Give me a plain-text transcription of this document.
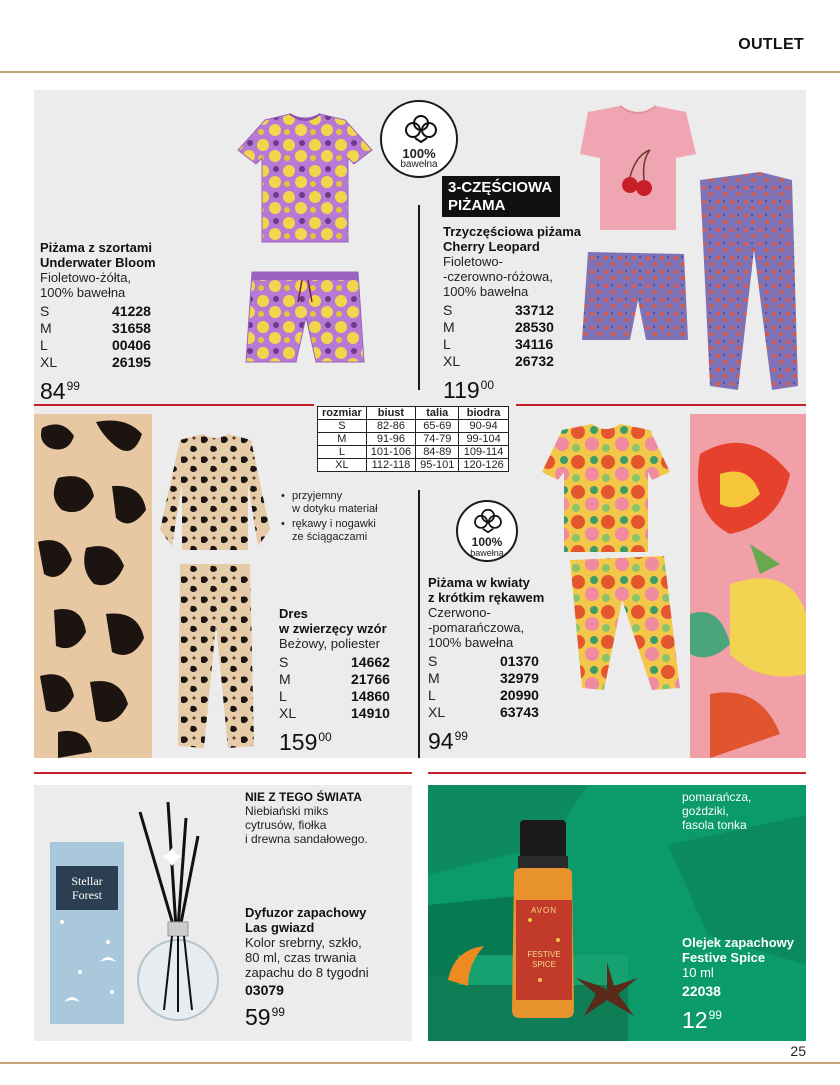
OUTLET
Piżama z szortami
Underwater Bloom
Fioletowo-żółta,
100% bawełna
S	41228
M	31658
L	00406
XL	26195
$84^{99}$
100%
bawełna
3-CZĘŚCIOWA
PIŻAMA
Trzyczęściowa piżama
Cherry Leopard
Fioletowo-
-czerowno-różowa,
100% bawełna
S	33712
M	28530
L	34116
XL	26732
$119^{00}$
rozmiar	biust	talia	biodra
S	82-86	65-69	90-94
M	91-96	74-79	99-104
L	101-106	84-89	109-114
XL	112-118	95-101	120-126
• przyjemny
w dotyku materiał
• rękawy i nogawki
ze ściągaczami
Dres
w zwierzęcy wzór
Beżowy, poliester
S	14662
M	21766
L	14860
XL	14910
$159^{00}$
100%
bawełna
Piżama w kwiaty
z krótkim rękawem
Czerwono-
-pomarańczowa,
100% bawełna
S	01370
M	32979
L	20990
XL	63743
$94^{99}$
Stellar
Forest
NIE Z TEGO ŚWIATA
Niebiański miks
cytrusów, fiołka
i drewna sandałowego.
Dyfuzor zapachowy
Las gwiazd
Kolor srebrny, szkło,
80 ml, czas trwania
zapachu do 8 tygodni
03079
$59^{99}$
AVON
FESTIVE
SPICE
pomarańcza,
goździki,
fasola tonka
Olejek zapachowy
Festive Spice
10 ml
22038
$12^{99}$
25
